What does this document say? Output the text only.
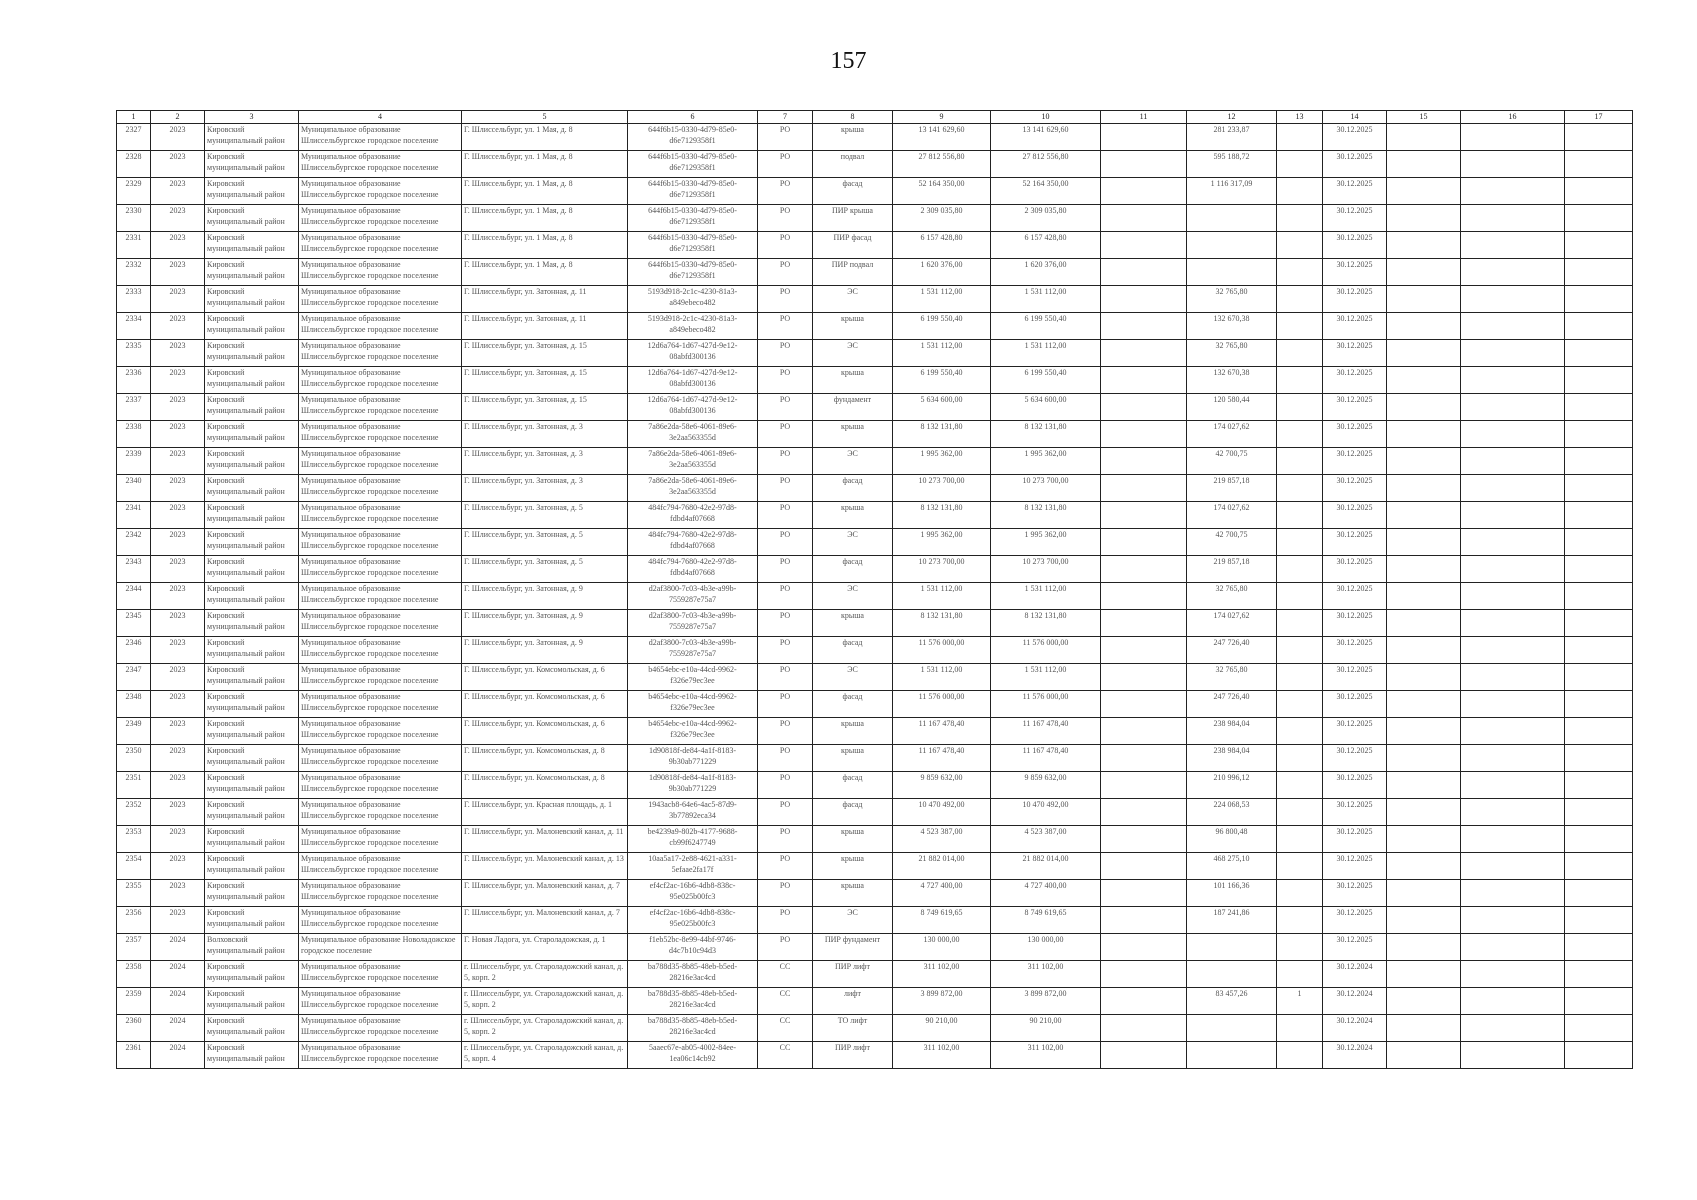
157
1	2	3	4	5	6	7	8	9	10	11	12	13	14	15	16	17
2327	2023	Кировский муниципальный район	Муниципальное образование Шлиссельбургское городское поселение	Г. Шлиссельбург, ул. 1 Мая, д. 8	644f6b15-0330-4d79-85e0-d6e7129358f1	РО	крыша	13 141 629,60	13 141 629,60		281 233,87		30.12.2025			
2328	2023	Кировский муниципальный район	Муниципальное образование Шлиссельбургское городское поселение	Г. Шлиссельбург, ул. 1 Мая, д. 8	644f6b15-0330-4d79-85e0-d6e7129358f1	РО	подвал	27 812 556,80	27 812 556,80		595 188,72		30.12.2025			
2329	2023	Кировский муниципальный район	Муниципальное образование Шлиссельбургское городское поселение	Г. Шлиссельбург, ул. 1 Мая, д. 8	644f6b15-0330-4d79-85e0-d6e7129358f1	РО	фасад	52 164 350,00	52 164 350,00		1 116 317,09		30.12.2025			
2330	2023	Кировский муниципальный район	Муниципальное образование Шлиссельбургское городское поселение	Г. Шлиссельбург, ул. 1 Мая, д. 8	644f6b15-0330-4d79-85e0-d6e7129358f1	РО	ПИР крыша	2 309 035,80	2 309 035,80				30.12.2025			
2331	2023	Кировский муниципальный район	Муниципальное образование Шлиссельбургское городское поселение	Г. Шлиссельбург, ул. 1 Мая, д. 8	644f6b15-0330-4d79-85e0-d6e7129358f1	РО	ПИР фасад	6 157 428,80	6 157 428,80				30.12.2025			
2332	2023	Кировский муниципальный район	Муниципальное образование Шлиссельбургское городское поселение	Г. Шлиссельбург, ул. 1 Мая, д. 8	644f6b15-0330-4d79-85e0-d6e7129358f1	РО	ПИР подвал	1 620 376,00	1 620 376,00				30.12.2025			
2333	2023	Кировский муниципальный район	Муниципальное образование Шлиссельбургское городское поселение	Г. Шлиссельбург, ул. Затонная, д. 11	5193d918-2c1c-4230-81a3-a849ebeco482	РО	ЭС	1 531 112,00	1 531 112,00		32 765,80		30.12.2025			
2334	2023	Кировский муниципальный район	Муниципальное образование Шлиссельбургское городское поселение	Г. Шлиссельбург, ул. Затонная, д. 11	5193d918-2c1c-4230-81a3-a849ebeco482	РО	крыша	6 199 550,40	6 199 550,40		132 670,38		30.12.2025			
2335	2023	Кировский муниципальный район	Муниципальное образование Шлиссельбургское городское поселение	Г. Шлиссельбург, ул. Затонная, д. 15	12d6a764-1d67-427d-9e12-08abfd300136	РО	ЭС	1 531 112,00	1 531 112,00		32 765,80		30.12.2025			
2336	2023	Кировский муниципальный район	Муниципальное образование Шлиссельбургское городское поселение	Г. Шлиссельбург, ул. Затонная, д. 15	12d6a764-1d67-427d-9e12-08abfd300136	РО	крыша	6 199 550,40	6 199 550,40		132 670,38		30.12.2025			
2337	2023	Кировский муниципальный район	Муниципальное образование Шлиссельбургское городское поселение	Г. Шлиссельбург, ул. Затонная, д. 15	12d6a764-1d67-427d-9e12-08abfd300136	РО	фундамент	5 634 600,00	5 634 600,00		120 580,44		30.12.2025			
2338	2023	Кировский муниципальный район	Муниципальное образование Шлиссельбургское городское поселение	Г. Шлиссельбург, ул. Затонная, д. 3	7a86e2da-58e6-4061-89e6-3e2aa563355d	РО	крыша	8 132 131,80	8 132 131,80		174 027,62		30.12.2025			
2339	2023	Кировский муниципальный район	Муниципальное образование Шлиссельбургское городское поселение	Г. Шлиссельбург, ул. Затонная, д. 3	7a86e2da-58e6-4061-89e6-3e2aa563355d	РО	ЭС	1 995 362,00	1 995 362,00		42 700,75		30.12.2025			
2340	2023	Кировский муниципальный район	Муниципальное образование Шлиссельбургское городское поселение	Г. Шлиссельбург, ул. Затонная, д. 3	7a86e2da-58e6-4061-89e6-3e2aa563355d	РО	фасад	10 273 700,00	10 273 700,00		219 857,18		30.12.2025			
2341	2023	Кировский муниципальный район	Муниципальное образование Шлиссельбургское городское поселение	Г. Шлиссельбург, ул. Затонная, д. 5	484fc794-7680-42e2-97d8-fdbd4af07668	РО	крыша	8 132 131,80	8 132 131,80		174 027,62		30.12.2025			
2342	2023	Кировский муниципальный район	Муниципальное образование Шлиссельбургское городское поселение	Г. Шлиссельбург, ул. Затонная, д. 5	484fc794-7680-42e2-97d8-fdbd4af07668	РО	ЭС	1 995 362,00	1 995 362,00		42 700,75		30.12.2025			
2343	2023	Кировский муниципальный район	Муниципальное образование Шлиссельбургское городское поселение	Г. Шлиссельбург, ул. Затонная, д. 5	484fc794-7680-42e2-97d8-fdbd4af07668	РО	фасад	10 273 700,00	10 273 700,00		219 857,18		30.12.2025			
2344	2023	Кировский муниципальный район	Муниципальное образование Шлиссельбургское городское поселение	Г. Шлиссельбург, ул. Затонная, д. 9	d2af3800-7c03-4b3e-a99b-7559287e75a7	РО	ЭС	1 531 112,00	1 531 112,00		32 765,80		30.12.2025			
2345	2023	Кировский муниципальный район	Муниципальное образование Шлиссельбургское городское поселение	Г. Шлиссельбург, ул. Затонная, д. 9	d2af3800-7c03-4b3e-a99b-7559287e75a7	РО	крыша	8 132 131,80	8 132 131,80		174 027,62		30.12.2025			
2346	2023	Кировский муниципальный район	Муниципальное образование Шлиссельбургское городское поселение	Г. Шлиссельбург, ул. Затонная, д. 9	d2af3800-7c03-4b3e-a99b-7559287e75a7	РО	фасад	11 576 000,00	11 576 000,00		247 726,40		30.12.2025			
2347	2023	Кировский муниципальный район	Муниципальное образование Шлиссельбургское городское поселение	Г. Шлиссельбург, ул. Комсомольская, д. 6	b4654ebc-e10a-44cd-9962-f326e79ec3ee	РО	ЭС	1 531 112,00	1 531 112,00		32 765,80		30.12.2025			
2348	2023	Кировский муниципальный район	Муниципальное образование Шлиссельбургское городское поселение	Г. Шлиссельбург, ул. Комсомольская, д. 6	b4654ebc-e10a-44cd-9962-f326e79ec3ee	РО	фасад	11 576 000,00	11 576 000,00		247 726,40		30.12.2025			
2349	2023	Кировский муниципальный район	Муниципальное образование Шлиссельбургское городское поселение	Г. Шлиссельбург, ул. Комсомольская, д. 6	b4654ebc-e10a-44cd-9962-f326e79ec3ee	РО	крыша	11 167 478,40	11 167 478,40		238 984,04		30.12.2025			
2350	2023	Кировский муниципальный район	Муниципальное образование Шлиссельбургское городское поселение	Г. Шлиссельбург, ул. Комсомольская, д. 8	1d90818f-de84-4a1f-8183-9b30ab771229	РО	крыша	11 167 478,40	11 167 478,40		238 984,04		30.12.2025			
2351	2023	Кировский муниципальный район	Муниципальное образование Шлиссельбургское городское поселение	Г. Шлиссельбург, ул. Комсомольская, д. 8	1d90818f-de84-4a1f-8183-9b30ab771229	РО	фасад	9 859 632,00	9 859 632,00		210 996,12		30.12.2025			
2352	2023	Кировский муниципальный район	Муниципальное образование Шлиссельбургское городское поселение	Г. Шлиссельбург, ул. Красная площадь, д. 1	1943acb8-64e6-4ac5-87d9-3b77892eca34	РО	фасад	10 470 492,00	10 470 492,00		224 068,53		30.12.2025			
2353	2023	Кировский муниципальный район	Муниципальное образование Шлиссельбургское городское поселение	Г. Шлиссельбург, ул. Малоневский канал, д. 11	be4239a9-802b-4177-9688-cb99f6247749	РО	крыша	4 523 387,00	4 523 387,00		96 800,48		30.12.2025			
2354	2023	Кировский муниципальный район	Муниципальное образование Шлиссельбургское городское поселение	Г. Шлиссельбург, ул. Малоневский канал, д. 13	10aa5a17-2e88-4621-a331-5efaae2fa17f	РО	крыша	21 882 014,00	21 882 014,00		468 275,10		30.12.2025			
2355	2023	Кировский муниципальный район	Муниципальное образование Шлиссельбургское городское поселение	Г. Шлиссельбург, ул. Малоневский канал, д. 7	ef4cf2ac-16b6-4db8-838c-95e025b00fc3	РО	крыша	4 727 400,00	4 727 400,00		101 166,36		30.12.2025			
2356	2023	Кировский муниципальный район	Муниципальное образование Шлиссельбургское городское поселение	Г. Шлиссельбург, ул. Малоневский канал, д. 7	ef4cf2ac-16b6-4db8-838c-95e025b00fc3	РО	ЭС	8 749 619,65	8 749 619,65		187 241,86		30.12.2025			
2357	2024	Волховский муниципальный район	Муниципальное образование Новоладожское городское поселение	Г. Новая Ладога, ул. Староладожская, д. 1	f1eb52bc-8e99-44bf-9746-d4c7b10c94d3	РО	ПИР фундамент	130 000,00	130 000,00				30.12.2025			
2358	2024	Кировский муниципальный район	Муниципальное образование Шлиссельбургское городское поселение	г. Шлиссельбург, ул. Староладожский канал, д. 5, корп. 2	ba788d35-8b85-48eb-b5ed-28216e3ac4cd	СС	ПИР лифт	311 102,00	311 102,00				30.12.2024			
2359	2024	Кировский муниципальный район	Муниципальное образование Шлиссельбургское городское поселение	г. Шлиссельбург, ул. Староладожский канал, д. 5, корп. 2	ba788d35-8b85-48eb-b5ed-28216e3ac4cd	СС	лифт	3 899 872,00	3 899 872,00		83 457,26	1	30.12.2024			
2360	2024	Кировский муниципальный район	Муниципальное образование Шлиссельбургское городское поселение	г. Шлиссельбург, ул. Староладожский канал, д. 5, корп. 2	ba788d35-8b85-48eb-b5ed-28216e3ac4cd	СС	ТО лифт	90 210,00	90 210,00				30.12.2024			
2361	2024	Кировский муниципальный район	Муниципальное образование Шлиссельбургское городское поселение	г. Шлиссельбург, ул. Староладожский канал, д. 5, корп. 4	5aaec67e-ab05-4002-84ee-1ea06c14cb92	СС	ПИР лифт	311 102,00	311 102,00				30.12.2024			
